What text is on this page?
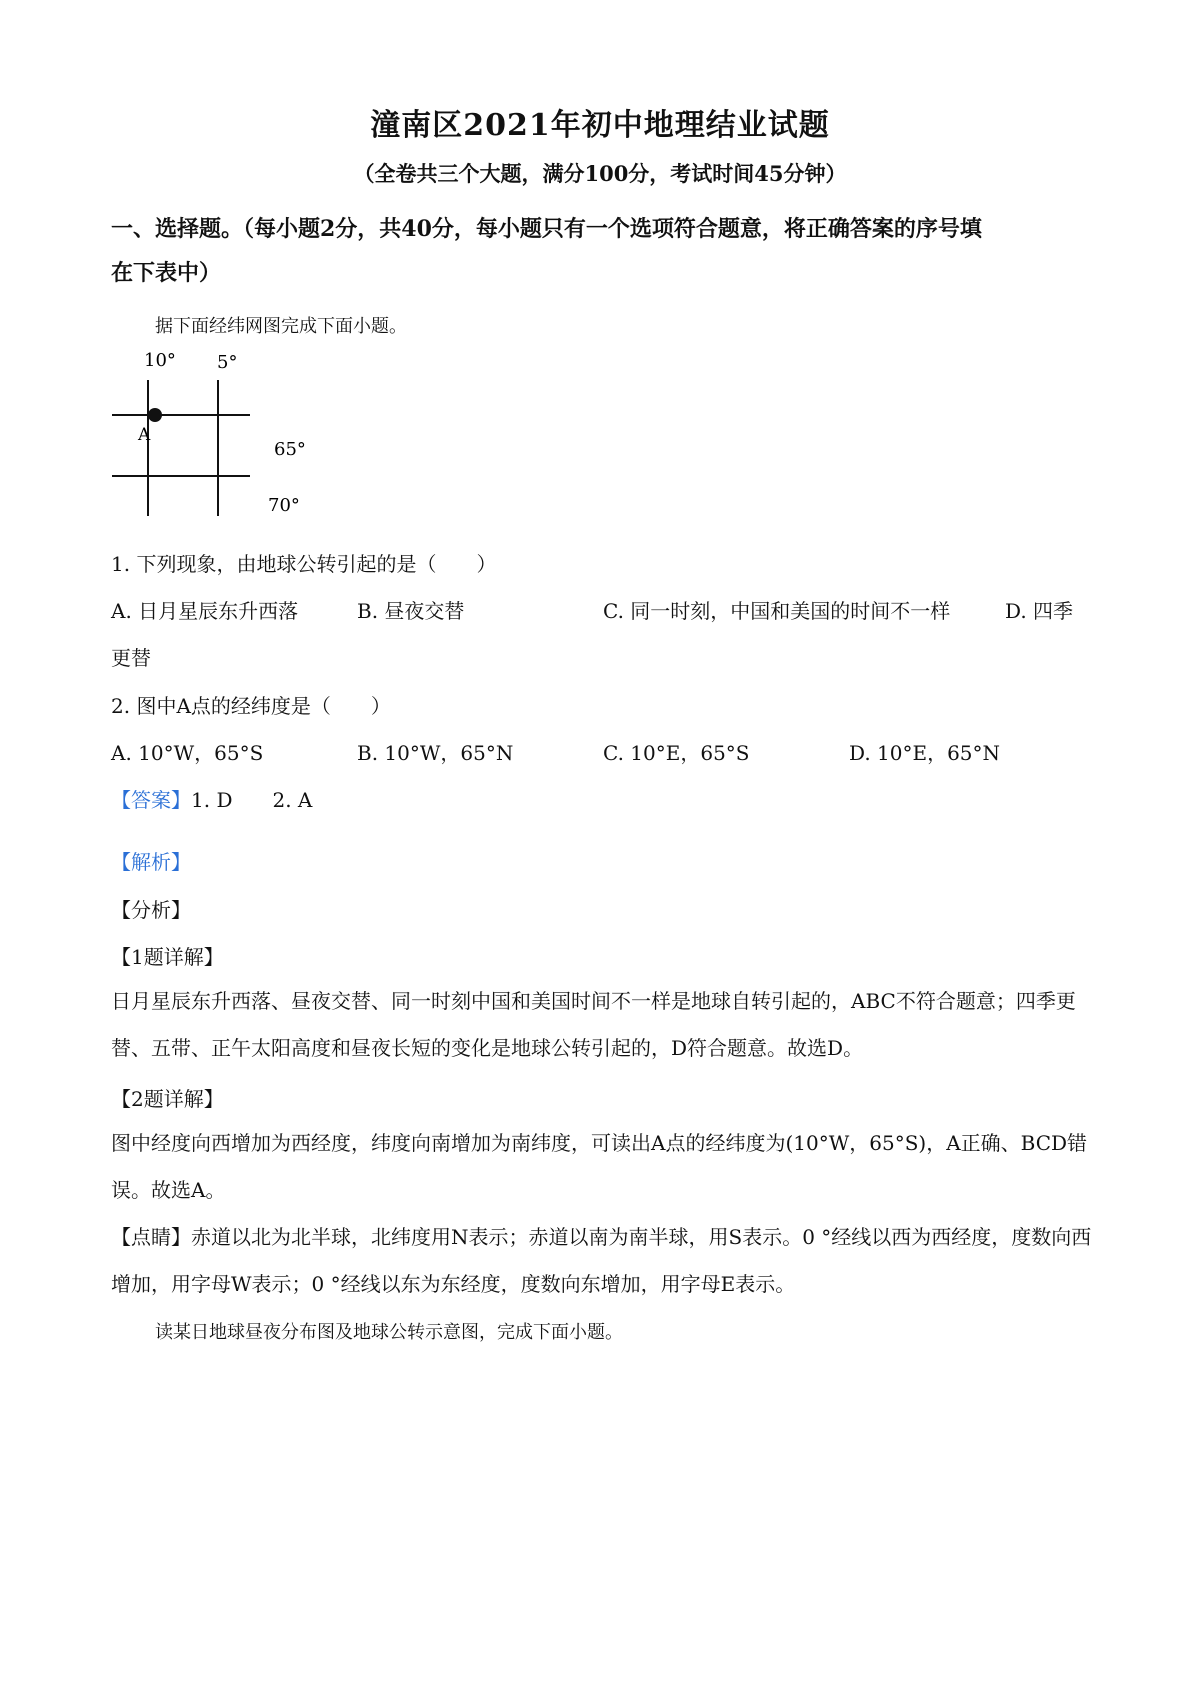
潼南区2021年初中地理结业试题
（全卷共三个大题，满分100分，考试时间45分钟）
一、选择题。（每小题2分，共40分，每小题只有一个选项符合题意，将正确答案的序号填
在下表中）
据下面经纬网图完成下面小题。
10° 5°
65°
70°
A
1. 下列现象，由地球公转引起的是（　　）
A. 日月星辰东升西落	B. 昼夜交替	C. 同一时刻，中国和美国的时间不一样	D. 四季
更替
2. 图中A点的经纬度是（　　）
A. 10°W，65°S	B. 10°W，65°N	C. 10°E，65°S	D. 10°E，65°N
【答案】1. D　　2. A
【解析】
【分析】
【1题详解】
日月星辰东升西落、昼夜交替、同一时刻中国和美国时间不一样是地球自转引起的，ABC不符合题意；四季更替、五带、正午太阳高度和昼夜长短的变化是地球公转引起的，D符合题意。故选D。
【2题详解】
图中经度向西增加为西经度，纬度向南增加为南纬度，可读出A点的经纬度为(10°W，65°S)，A正确、BCD错误。故选A。
【点睛】赤道以北为北半球，北纬度用N表示；赤道以南为南半球，用S表示。0 °经线以西为西经度，度数向西增加，用字母W表示；0 °经线以东为东经度，度数向东增加，用字母E表示。
读某日地球昼夜分布图及地球公转示意图，完成下面小题。
